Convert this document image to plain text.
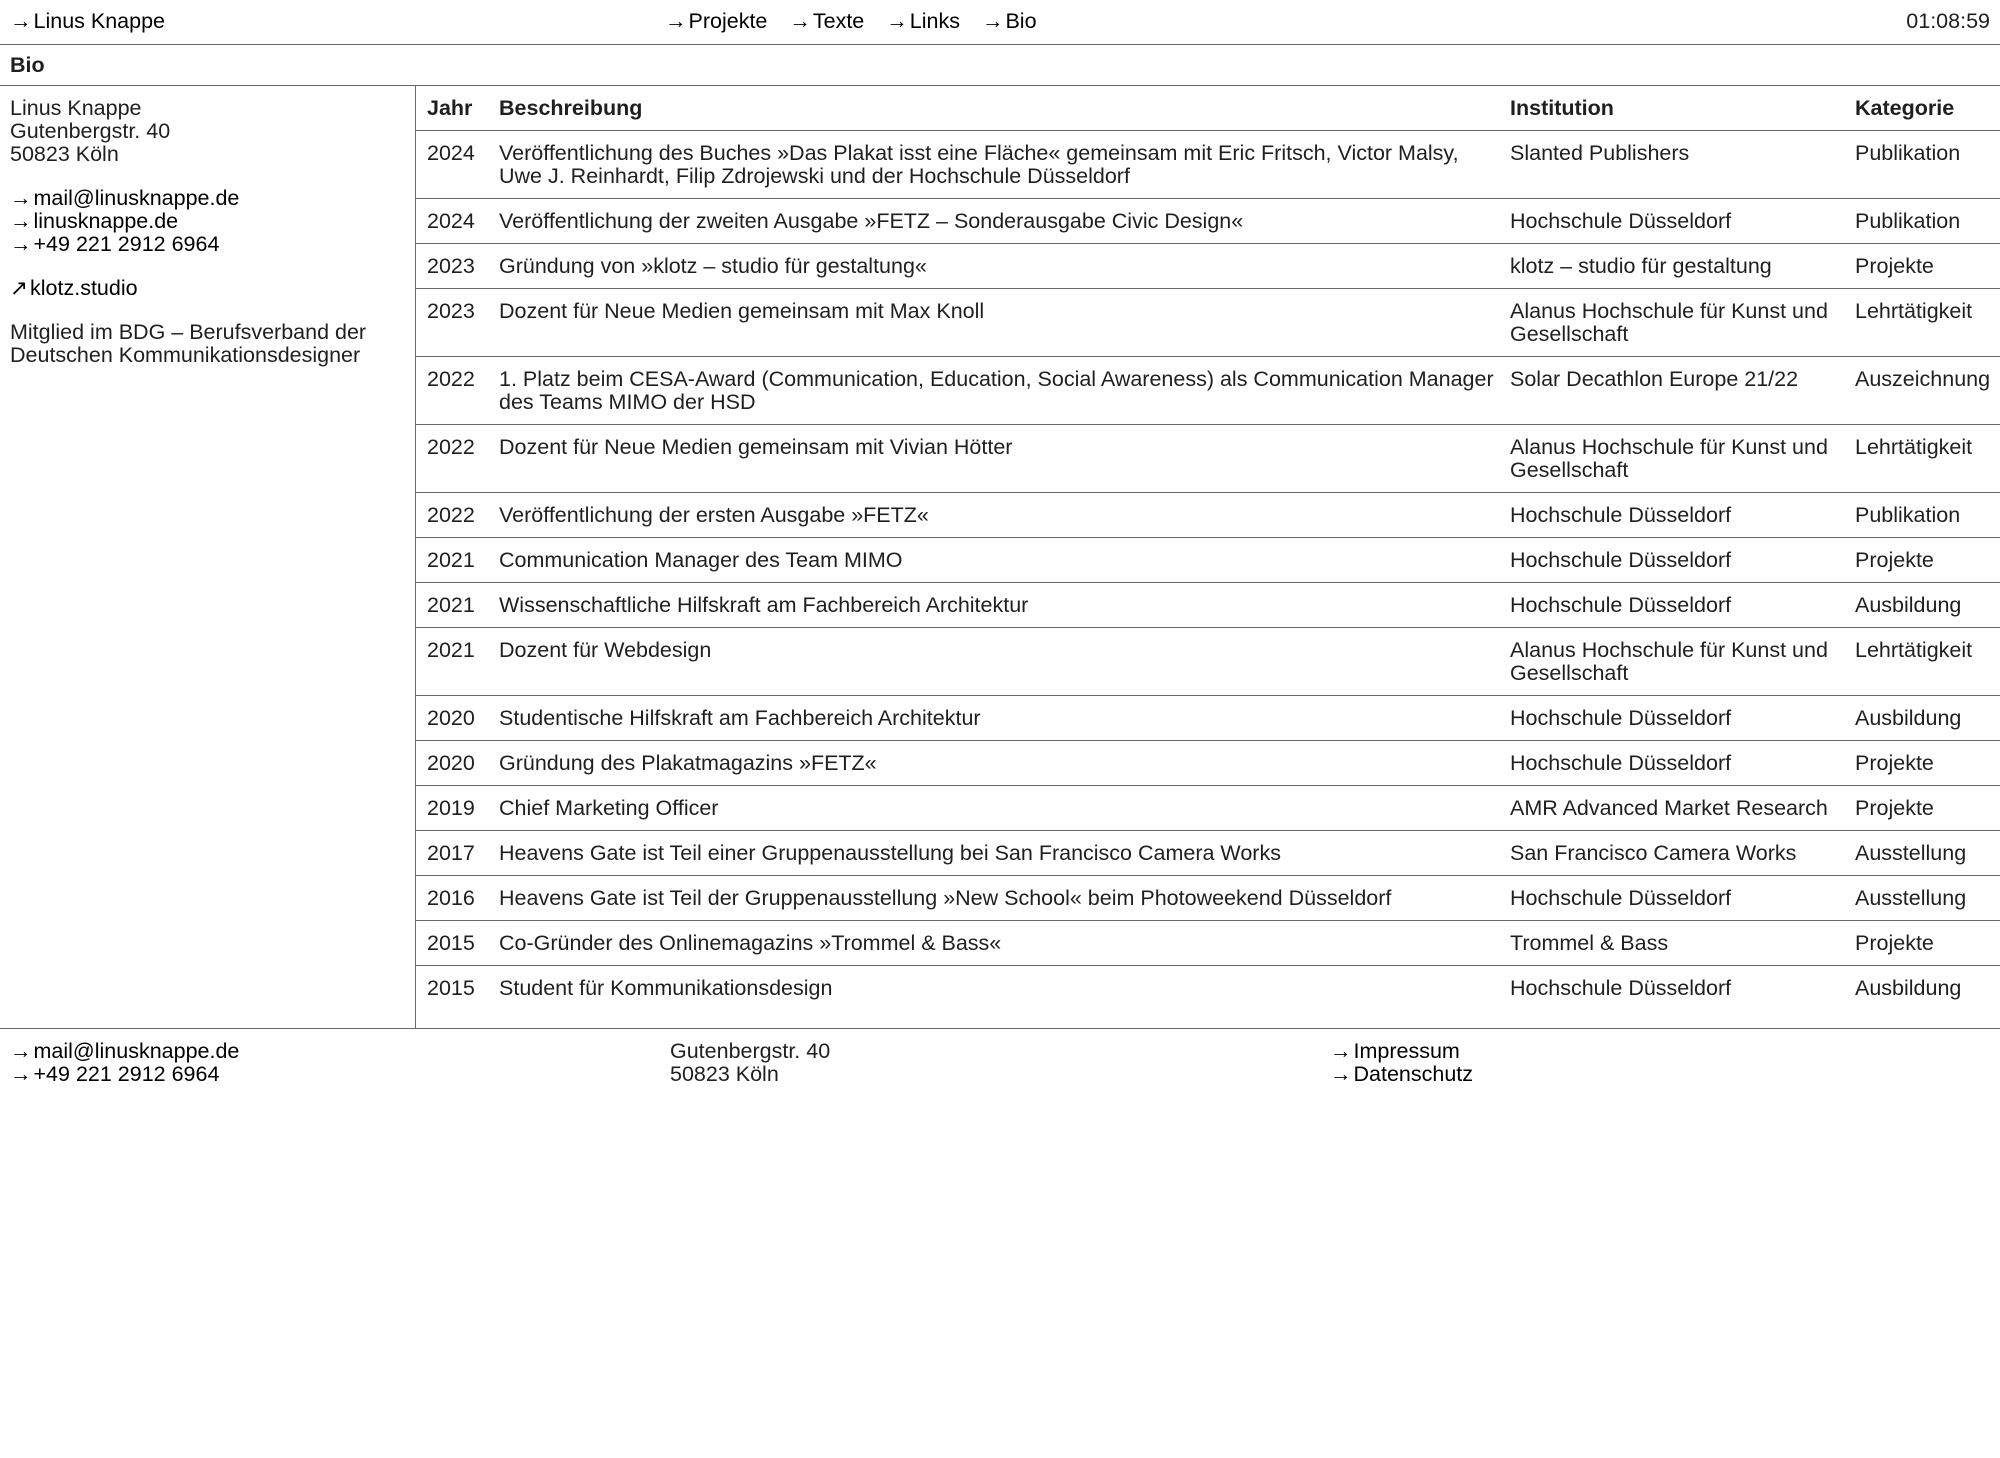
→Linus Knappe	→Projekte →Texte →Links →Bio	01:08:59
Bio
Linus Knappe
Gutenbergstr. 40
50823 Köln
→mail@linusknappe.de
→linusknappe.de
→+49 221 2912 6964
↗klotz.studio
Mitglied im BDG – Berufsverband der
Deutschen Kommunikationsdesigner
Jahr	Beschreibung	Institution	Kategorie
2024	Veröffentlichung des Buches »Das Plakat isst eine Fläche« gemeinsam mit Eric Fritsch, Victor Malsy, Uwe J. Reinhardt, Filip Zdrojewski und der Hochschule Düsseldorf	Slanted Publishers	Publikation
2024	Veröffentlichung der zweiten Ausgabe »FETZ – Sonderausgabe Civic Design«	Hochschule Düsseldorf	Publikation
2023	Gründung von »klotz – studio für gestaltung«	klotz – studio für gestaltung	Projekte
2023	Dozent für Neue Medien gemeinsam mit Max Knoll	Alanus Hochschule für Kunst und Gesellschaft	Lehrtätigkeit
2022	1. Platz beim CESA-Award (Communication, Education, Social Awareness) als Communication Manager des Teams MIMO der HSD	Solar Decathlon Europe 21/22	Auszeichnung
2022	Dozent für Neue Medien gemeinsam mit Vivian Hötter	Alanus Hochschule für Kunst und Gesellschaft	Lehrtätigkeit
2022	Veröffentlichung der ersten Ausgabe »FETZ«	Hochschule Düsseldorf	Publikation
2021	Communication Manager des Team MIMO	Hochschule Düsseldorf	Projekte
2021	Wissenschaftliche Hilfskraft am Fachbereich Architektur	Hochschule Düsseldorf	Ausbildung
2021	Dozent für Webdesign	Alanus Hochschule für Kunst und Gesellschaft	Lehrtätigkeit
2020	Studentische Hilfskraft am Fachbereich Architektur	Hochschule Düsseldorf	Ausbildung
2020	Gründung des Plakatmagazins »FETZ«	Hochschule Düsseldorf	Projekte
2019	Chief Marketing Officer	AMR Advanced Market Research	Projekte
2017	Heavens Gate ist Teil einer Gruppenausstellung bei San Francisco Camera Works	San Francisco Camera Works	Ausstellung
2016	Heavens Gate ist Teil der Gruppenausstellung »New School« beim Photoweekend Düsseldorf	Hochschule Düsseldorf	Ausstellung
2015	Co-Gründer des Onlinemagazins »Trommel & Bass«	Trommel & Bass	Projekte
2015	Student für Kommunikationsdesign	Hochschule Düsseldorf	Ausbildung
→mail@linusknappe.de
→+49 221 2912 6964
Gutenbergstr. 40
50823 Köln
→Impressum
→Datenschutz
